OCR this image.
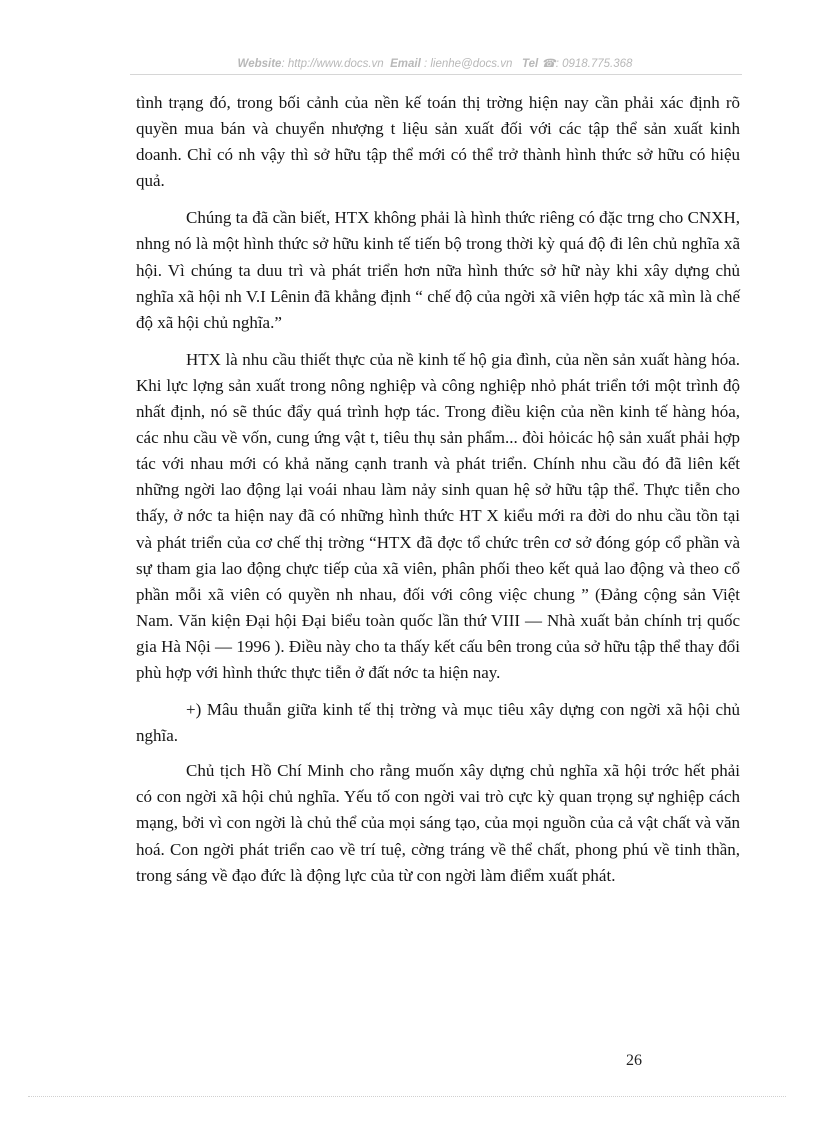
Website: http://www.docs.vn Email : lienhe@docs.vn Tel ☎: 0918.775.368

tình trạng đó, trong bối cảnh của nền kế toán thị trờng hiện nay cần phải xác định rõ quyền mua bán và chuyển nhượng t liệu sản xuất đối với các tập thể sản xuất kinh doanh. Chỉ có nh vậy thì sở hữu tập thể mới có thể trở thành hình thức sở hữu có hiệu quả.

Chúng ta đã cần biết, HTX không phải là hình thức riêng có đặc trng cho CNXH, nhng nó là một hình thức sở hữu kinh tế tiến bộ trong thời kỳ quá độ đi lên chủ nghĩa xã hội. Vì chúng ta duu trì và phát triển hơn nữa hình thức sở hữ này khi xây dựng chủ nghĩa xã hội nh V.I Lênin đã khẳng định “ chế độ của ngời xã viên hợp tác xã mìn là chế độ xã hội chủ nghĩa.”

HTX là nhu cầu thiết thực của nề kinh tế hộ gia đình, của nền sản xuất hàng hóa. Khi lực lợng sản xuất trong nông nghiệp và công nghiệp nhỏ phát triển tới một trình độ nhất định, nó sẽ thúc đẩy quá trình hợp tác. Trong điều kiện của nền kinh tế hàng hóa, các nhu cầu về vốn, cung ứng vật t, tiêu thụ sản phẩm... đòi hỏicác hộ sản xuất phải hợp tác với nhau mới có khả năng cạnh tranh và phát triển. Chính nhu cầu đó đã liên kết những ngời lao động lại voái nhau làm nảy sinh quan hệ sở hữu tập thể. Thực tiễn cho thấy, ở nớc ta hiện nay đã có những hình thức HT X kiểu mới ra đời do nhu cầu tồn tại và phát triển của cơ chế thị trờng “HTX đã đợc tổ chức trên cơ sở đóng góp cổ phần và sự tham gia lao động chực tiếp của xã viên, phân phối theo kết quả lao động và theo cổ phần mỗi xã viên có quyền nh nhau, đối với công việc chung ” (Đảng cộng sản Việt Nam. Văn kiện Đại hội Đại biểu toàn quốc lần thứ VIII — Nhà xuất bản chính trị quốc gia Hà Nội — 1996 ). Điều này cho ta thấy kết cấu bên trong của sở hữu tập thể thay đổi phù hợp với hình thức thực tiễn ở đất nớc ta hiện nay.

+) Mâu thuẫn giữa kinh tế thị trờng và mục tiêu xây dựng con ngời xã hội chủ nghĩa.

Chủ tịch Hồ Chí Minh cho rằng muốn xây dựng chủ nghĩa xã hội trớc hết phải có con ngời xã hội chủ nghĩa. Yếu tố con ngời vai trò cực kỳ quan trọng sự nghiệp cách mạng, bởi vì con ngời là chủ thể của mọi sáng tạo, của mọi nguồn của cả vật chất và văn hoá. Con ngời phát triển cao về trí tuệ, cờng tráng về thể chất, phong phú về tinh thần, trong sáng về đạo đức là động lực của từ con ngời làm điểm xuất phát.

26
